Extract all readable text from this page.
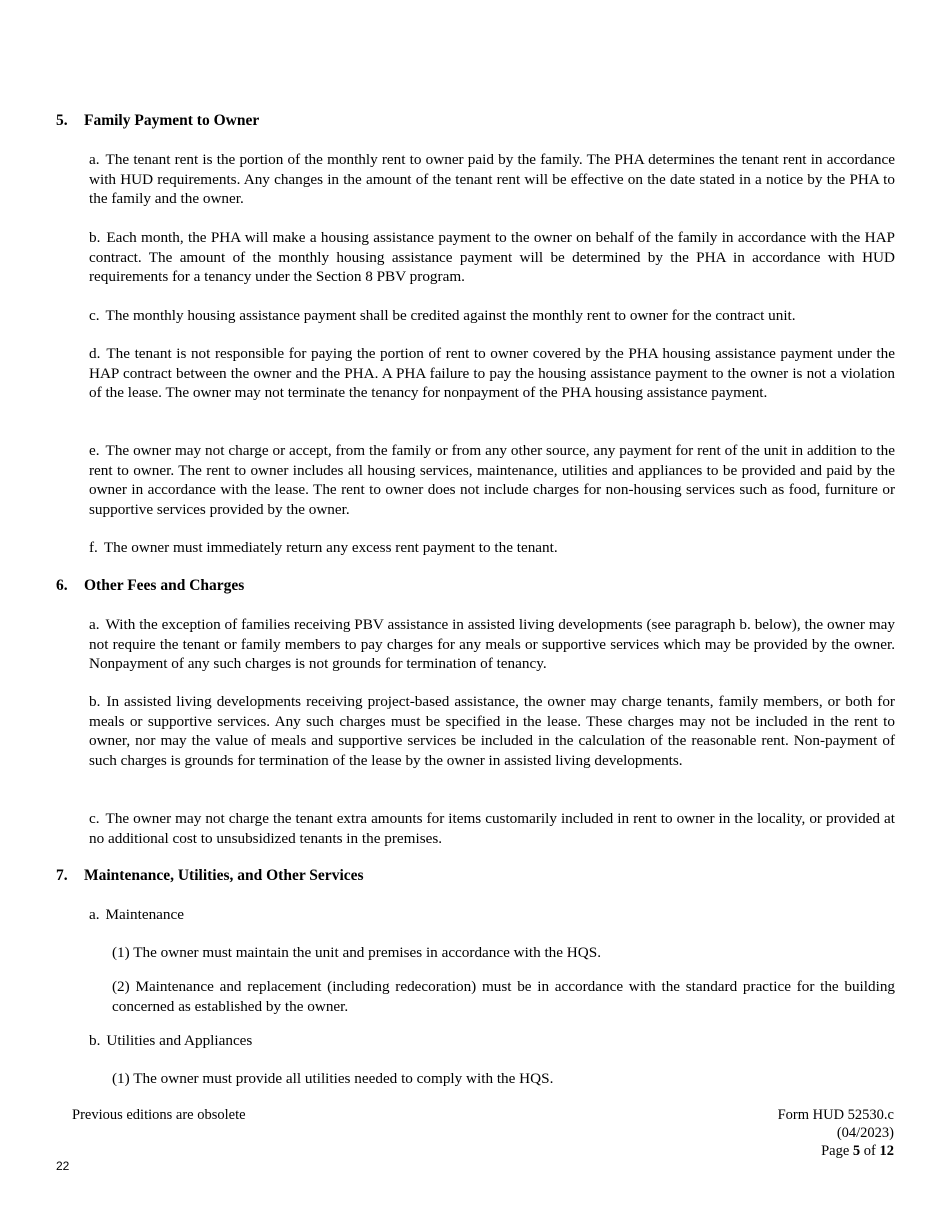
5. Family Payment to Owner
a. The tenant rent is the portion of the monthly rent to owner paid by the family. The PHA determines the tenant rent in accordance with HUD requirements. Any changes in the amount of the tenant rent will be effective on the date stated in a notice by the PHA to the family and the owner.
b. Each month, the PHA will make a housing assistance payment to the owner on behalf of the family in accordance with the HAP contract. The amount of the monthly housing assistance payment will be determined by the PHA in accordance with HUD requirements for a tenancy under the Section 8 PBV program.
c. The monthly housing assistance payment shall be credited against the monthly rent to owner for the contract unit.
d. The tenant is not responsible for paying the portion of rent to owner covered by the PHA housing assistance payment under the HAP contract between the owner and the PHA. A PHA failure to pay the housing assistance payment to the owner is not a violation of the lease. The owner may not terminate the tenancy for nonpayment of the PHA housing assistance payment.
e. The owner may not charge or accept, from the family or from any other source, any payment for rent of the unit in addition to the rent to owner. The rent to owner includes all housing services, maintenance, utilities and appliances to be provided and paid by the owner in accordance with the lease. The rent to owner does not include charges for non-housing services such as food, furniture or supportive services provided by the owner.
f. The owner must immediately return any excess rent payment to the tenant.
6. Other Fees and Charges
a. With the exception of families receiving PBV assistance in assisted living developments (see paragraph b. below), the owner may not require the tenant or family members to pay charges for any meals or supportive services which may be provided by the owner. Nonpayment of any such charges is not grounds for termination of tenancy.
b. In assisted living developments receiving project-based assistance, the owner may charge tenants, family members, or both for meals or supportive services. Any such charges must be specified in the lease. These charges may not be included in the rent to owner, nor may the value of meals and supportive services be included in the calculation of the reasonable rent. Non-payment of such charges is grounds for termination of the lease by the owner in assisted living developments.
c. The owner may not charge the tenant extra amounts for items customarily included in rent to owner in the locality, or provided at no additional cost to unsubsidized tenants in the premises.
7. Maintenance, Utilities, and Other Services
a. Maintenance
(1) The owner must maintain the unit and premises in accordance with the HQS.
(2) Maintenance and replacement (including redecoration) must be in accordance with the standard practice for the building concerned as established by the owner.
b. Utilities and Appliances
(1) The owner must provide all utilities needed to comply with the HQS.
Previous editions are obsolete	Form HUD 52530.c
(04/2023)
Page 5 of 12
22
